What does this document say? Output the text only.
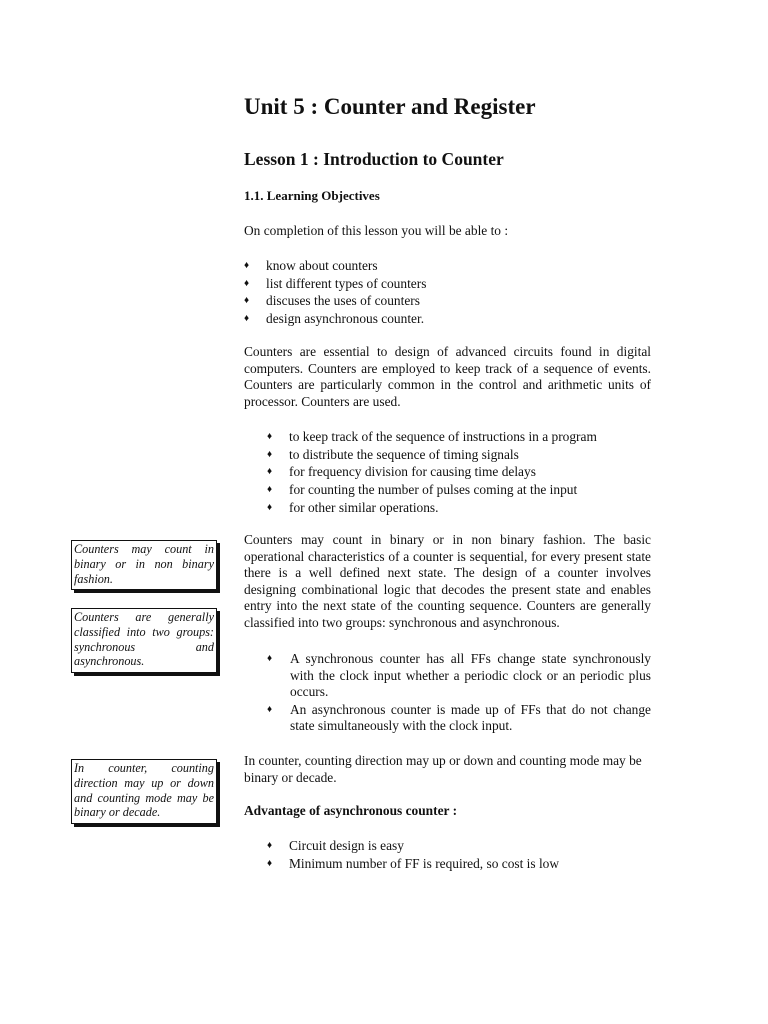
Unit 5 : Counter and Register
Lesson 1 : Introduction to Counter
1.1. Learning Objectives
On completion of this lesson you will be able to :
♦ know about counters
♦ list different types of counters
♦ discuses the uses of counters
♦ design asynchronous counter.
Counters are essential to design of advanced circuits found in digital computers. Counters are employed to keep track of a sequence of events. Counters are particularly common in the control and arithmetic units of processor. Counters are used.
♦ to keep track of the sequence of instructions in a program
♦ to distribute the sequence of timing signals
♦ for frequency division for causing time delays
♦ for counting the number of pulses coming at the input
♦ for other similar operations.
Counters may count in binary or in non binary fashion. The basic operational characteristics of a counter is sequential, for every present state there is a well defined next state. The design of a counter involves designing combinational logic that decodes the present state and enables entry into the next state of the counting sequence. Counters are generally classified into two groups: synchronous and asynchronous.
♦ A synchronous counter has all FFs change state synchronously with the clock input whether a periodic clock or an periodic plus occurs.
♦ An asynchronous counter is made up of FFs that do not change state simultaneously with the clock input.
In counter, counting direction may up or down and counting mode may be binary or decade.
Advantage of asynchronous counter :
♦ Circuit design is easy
♦ Minimum number of FF is required, so cost is low
Counters may count in binary or in non binary fashion.
Counters are generally classified into two groups: synchronous and asynchronous.
In counter, counting direction may up or down and counting mode may be binary or decade.
